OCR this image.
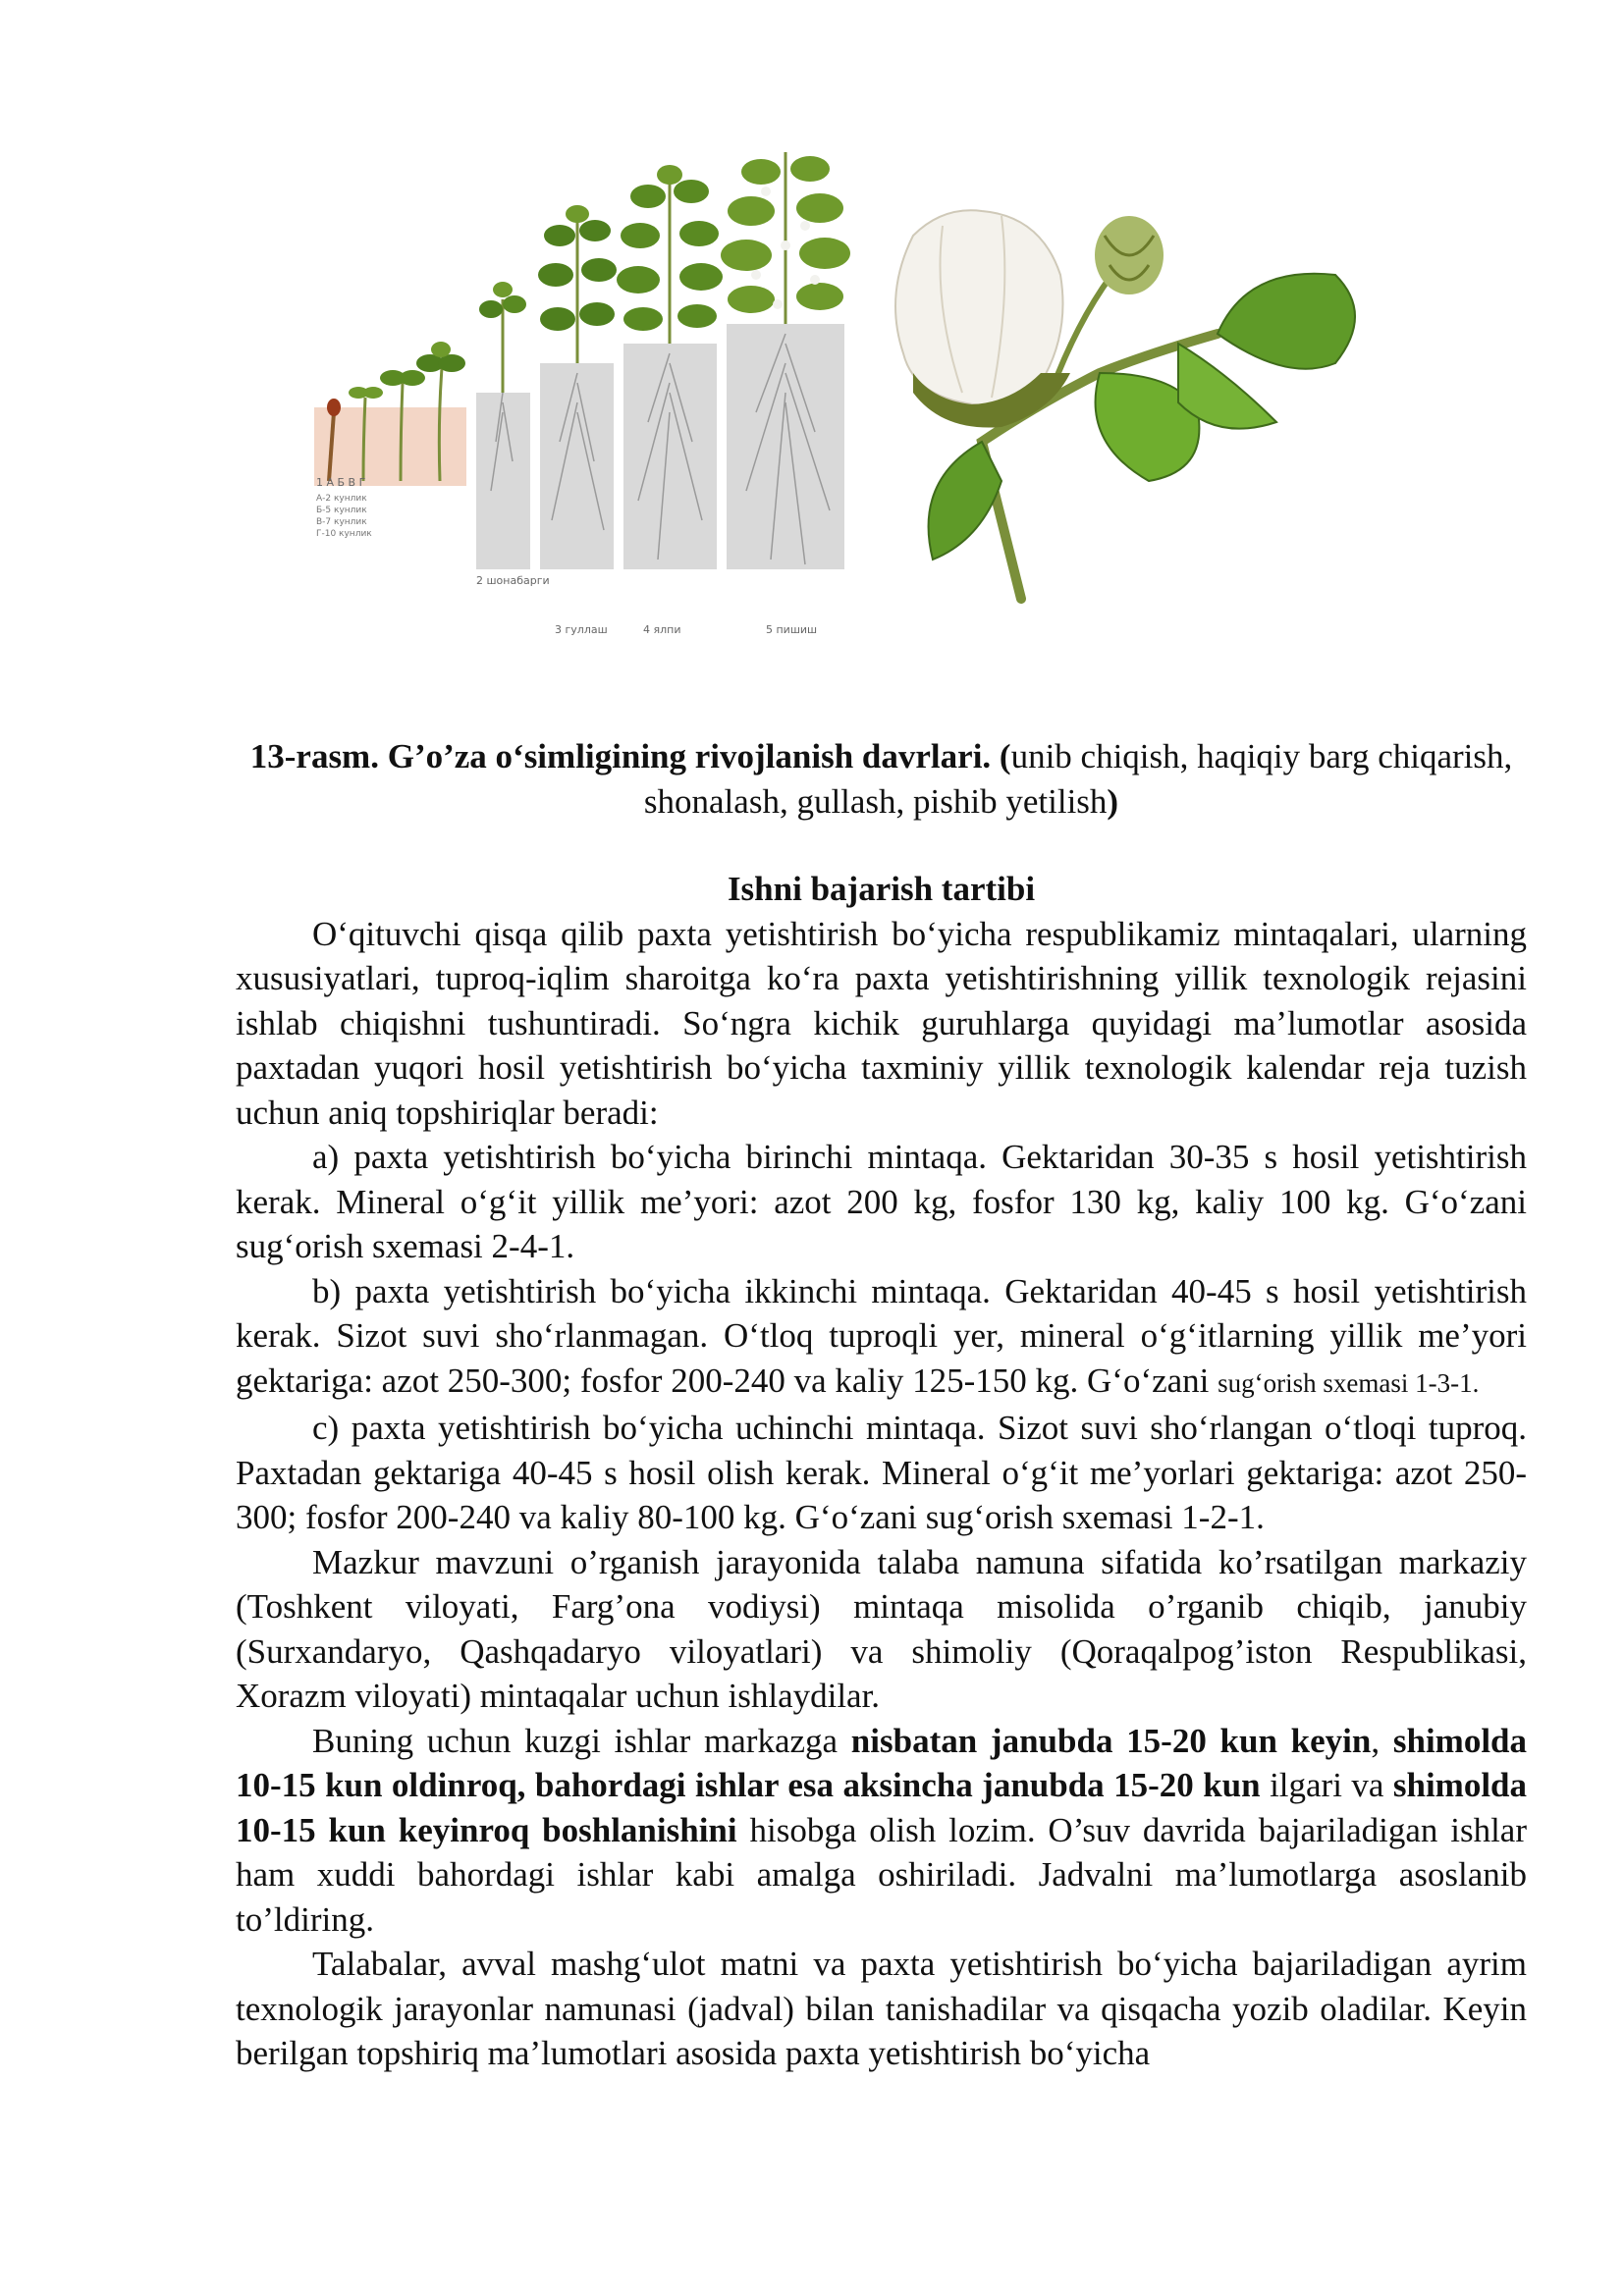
1 A Б В Г
А-2 кунлик
Б-5 кунлик
В-7 кунлик
Г-10 кунлик
2 шонабарги
3 гуллаш	4 ялпи	5 пишиш
13-rasm. G’o’za o‘simligining rivojlanish davrlari. (unib chiqish, haqiqiy barg chiqarish, shonalash, gullash, pishib yetilish)
Ishni bajarish tartibi

O‘qituvchi qisqa qilib paxta yetishtirish bo‘yicha respublikamiz mintaqalari, ularning xususiyatlari, tuproq-iqlim sharoitga ko‘ra paxta yetishtirishning yillik texnologik rejasini ishlab chiqishni tushuntiradi. So‘ngra kichik guruhlarga quyidagi ma’lumotlar asosida paxtadan yuqori hosil yetishtirish bo‘yicha taxminiy yillik texnologik kalendar reja tuzish uchun aniq topshiriqlar beradi:

a) paxta yetishtirish bo‘yicha birinchi mintaqa. Gektaridan 30-35 s hosil yetishtirish kerak. Mineral o‘g‘it yillik me’yori: azot 200 kg, fosfor 130 kg, kaliy 100 kg. G‘o‘zani sug‘orish sxemasi 2-4-1.

b) paxta yetishtirish bo‘yicha ikkinchi mintaqa. Gektaridan 40-45 s hosil yetishtirish kerak. Sizot suvi sho‘rlanmagan. O‘tloq tuproqli yer, mineral o‘g‘itlarning yillik me’yori gektariga: azot 250-300; fosfor 200-240 va kaliy 125-150 kg. G‘o‘zani sug‘orish sxemasi 1-3-1.

c) paxta yetishtirish bo‘yicha uchinchi mintaqa. Sizot suvi sho‘rlangan o‘tloqi tuproq. Paxtadan gektariga 40-45 s hosil olish kerak. Mineral o‘g‘it me’yorlari gektariga: azot 250-300; fosfor 200-240 va kaliy 80-100 kg. G‘o‘zani sug‘orish sxemasi 1-2-1.

Mazkur mavzuni o’rganish jarayonida talaba namuna sifatida ko’rsatilgan markaziy (Toshkent viloyati, Farg’ona vodiysi) mintaqa misolida o’rganib chiqib, janubiy (Surxandaryo, Qashqadaryo viloyatlari) va shimoliy (Qoraqalpog’iston Respublikasi, Xorazm viloyati) mintaqalar uchun ishlaydilar.

Buning uchun kuzgi ishlar markazga nisbatan janubda 15-20 kun keyin, shimolda 10-15 kun oldinroq, bahordagi ishlar esa aksincha janubda 15-20 kun ilgari va shimolda 10-15 kun keyinroq boshlanishini hisobga olish lozim. O’suv davrida bajariladigan ishlar ham xuddi bahordagi ishlar kabi amalga oshiriladi. Jadvalni ma’lumotlarga asoslanib to’ldiring.

Talabalar, avval mashg‘ulot matni va paxta yetishtirish bo‘yicha bajariladigan ayrim texnologik jarayonlar namunasi (jadval) bilan tanishadilar va qisqacha yozib oladilar. Keyin berilgan topshiriq ma’lumotlari asosida paxta yetishtirish bo‘yicha
